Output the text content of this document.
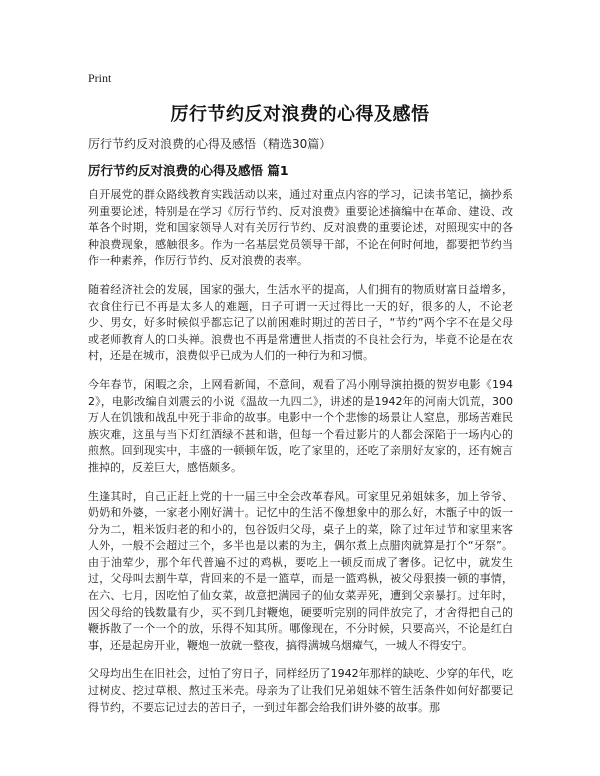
Print
厉行节约反对浪费的心得及感悟
厉行节约反对浪费的心得及感悟（精选30篇）
厉行节约反对浪费的心得及感悟 篇1

自开展党的群众路线教育实践活动以来，通过对重点内容的学习，记读书笔记，摘抄系列重要论述，特别是在学习《厉行节约、反对浪费》重要论述摘编中在革命、建设、改革各个时期，党和国家领导人对有关厉行节约、反对浪费的重要论述，对照现实中的各种浪费现象，感触很多。作为一名基层党员领导干部，不论在何时何地，都要把节约当作一种素养，作厉行节约、反对浪费的表率。

随着经济社会的发展，国家的强大，生活水平的提高，人们拥有的物质财富日益增多，衣食住行已不再是太多人的难题，日子可谓一天过得比一天的好，很多的人，不论老少、男女，好多时候似乎都忘记了以前困难时期过的苦日子，“节约”两个字不在是父母或老师教育人的口头禅。浪费也不再是常遭世人指责的不良社会行为，毕竟不论是在农村，还是在城市，浪费似乎已成为人们的一种行为和习惯。

今年春节，闲暇之余，上网看新闻，不意间，观看了冯小刚导演拍摄的贺岁电影《1942》，电影改编自刘震云的小说《温故一九四二》，讲述的是1942年的河南大饥荒，300万人在饥饿和战乱中死于非命的故事。电影中一个个悲惨的场景让人窒息，那场苦难民族灾难，这虽与当下灯红酒绿不甚和谐，但每一个看过影片的人都会深陷于一场内心的煎熬。回到现实中，丰盛的一顿顿年饭，吃了家里的，还吃了亲朋好友家的，还有婉言推掉的，反差巨大，感悟颇多。

生逢其时，自己正赶上党的十一届三中全会改革春风。可家里兄弟姐妹多，加上爷爷、奶奶和外婆，一家老小刚好满十。记忆中的生活不像想象中的那么好，木甑子中的饭一分为二，粗米饭归老的和小的，包谷饭归父母，桌子上的菜，除了过年过节和家里来客人外，一般不会超过三个，多半也是以素的为主，偶尔煮上点腊肉就算是打个“牙祭”。由于油荤少，那个年代普遍不过的鸡枞，要吃上一顿反而成了奢侈。记忆中，就发生过，父母叫去割牛草，背回来的不是一篮草，而是一篮鸡枞，被父母狠揍一顿的事情，在六、七月，因吃怕了仙女菜，故意把满园子的仙女菜弄死，遭到父亲暴打。过年时，因父母给的钱数量有少，买不到几封鞭炮，硬要听完别的同伴放完了，才舍得把自己的鞭拆散了一个一个的放，乐得不知其所。哪像现在，不分时候，只要高兴，不论是红白事，还是起房开业，鞭炮一放就一整夜，搞得满城乌烟瘴气，一城人不得安宁。

父母均出生在旧社会，过怕了穷日子，同样经历了1942年那样的缺吃、少穿的年代，吃过树皮、挖过草根、熬过玉米壳。母亲为了让我们兄弟姐妹不管生活条件如何好都要记得节约，不要忘记过去的苦日子，一到过年都会给我们讲外婆的故事。那
